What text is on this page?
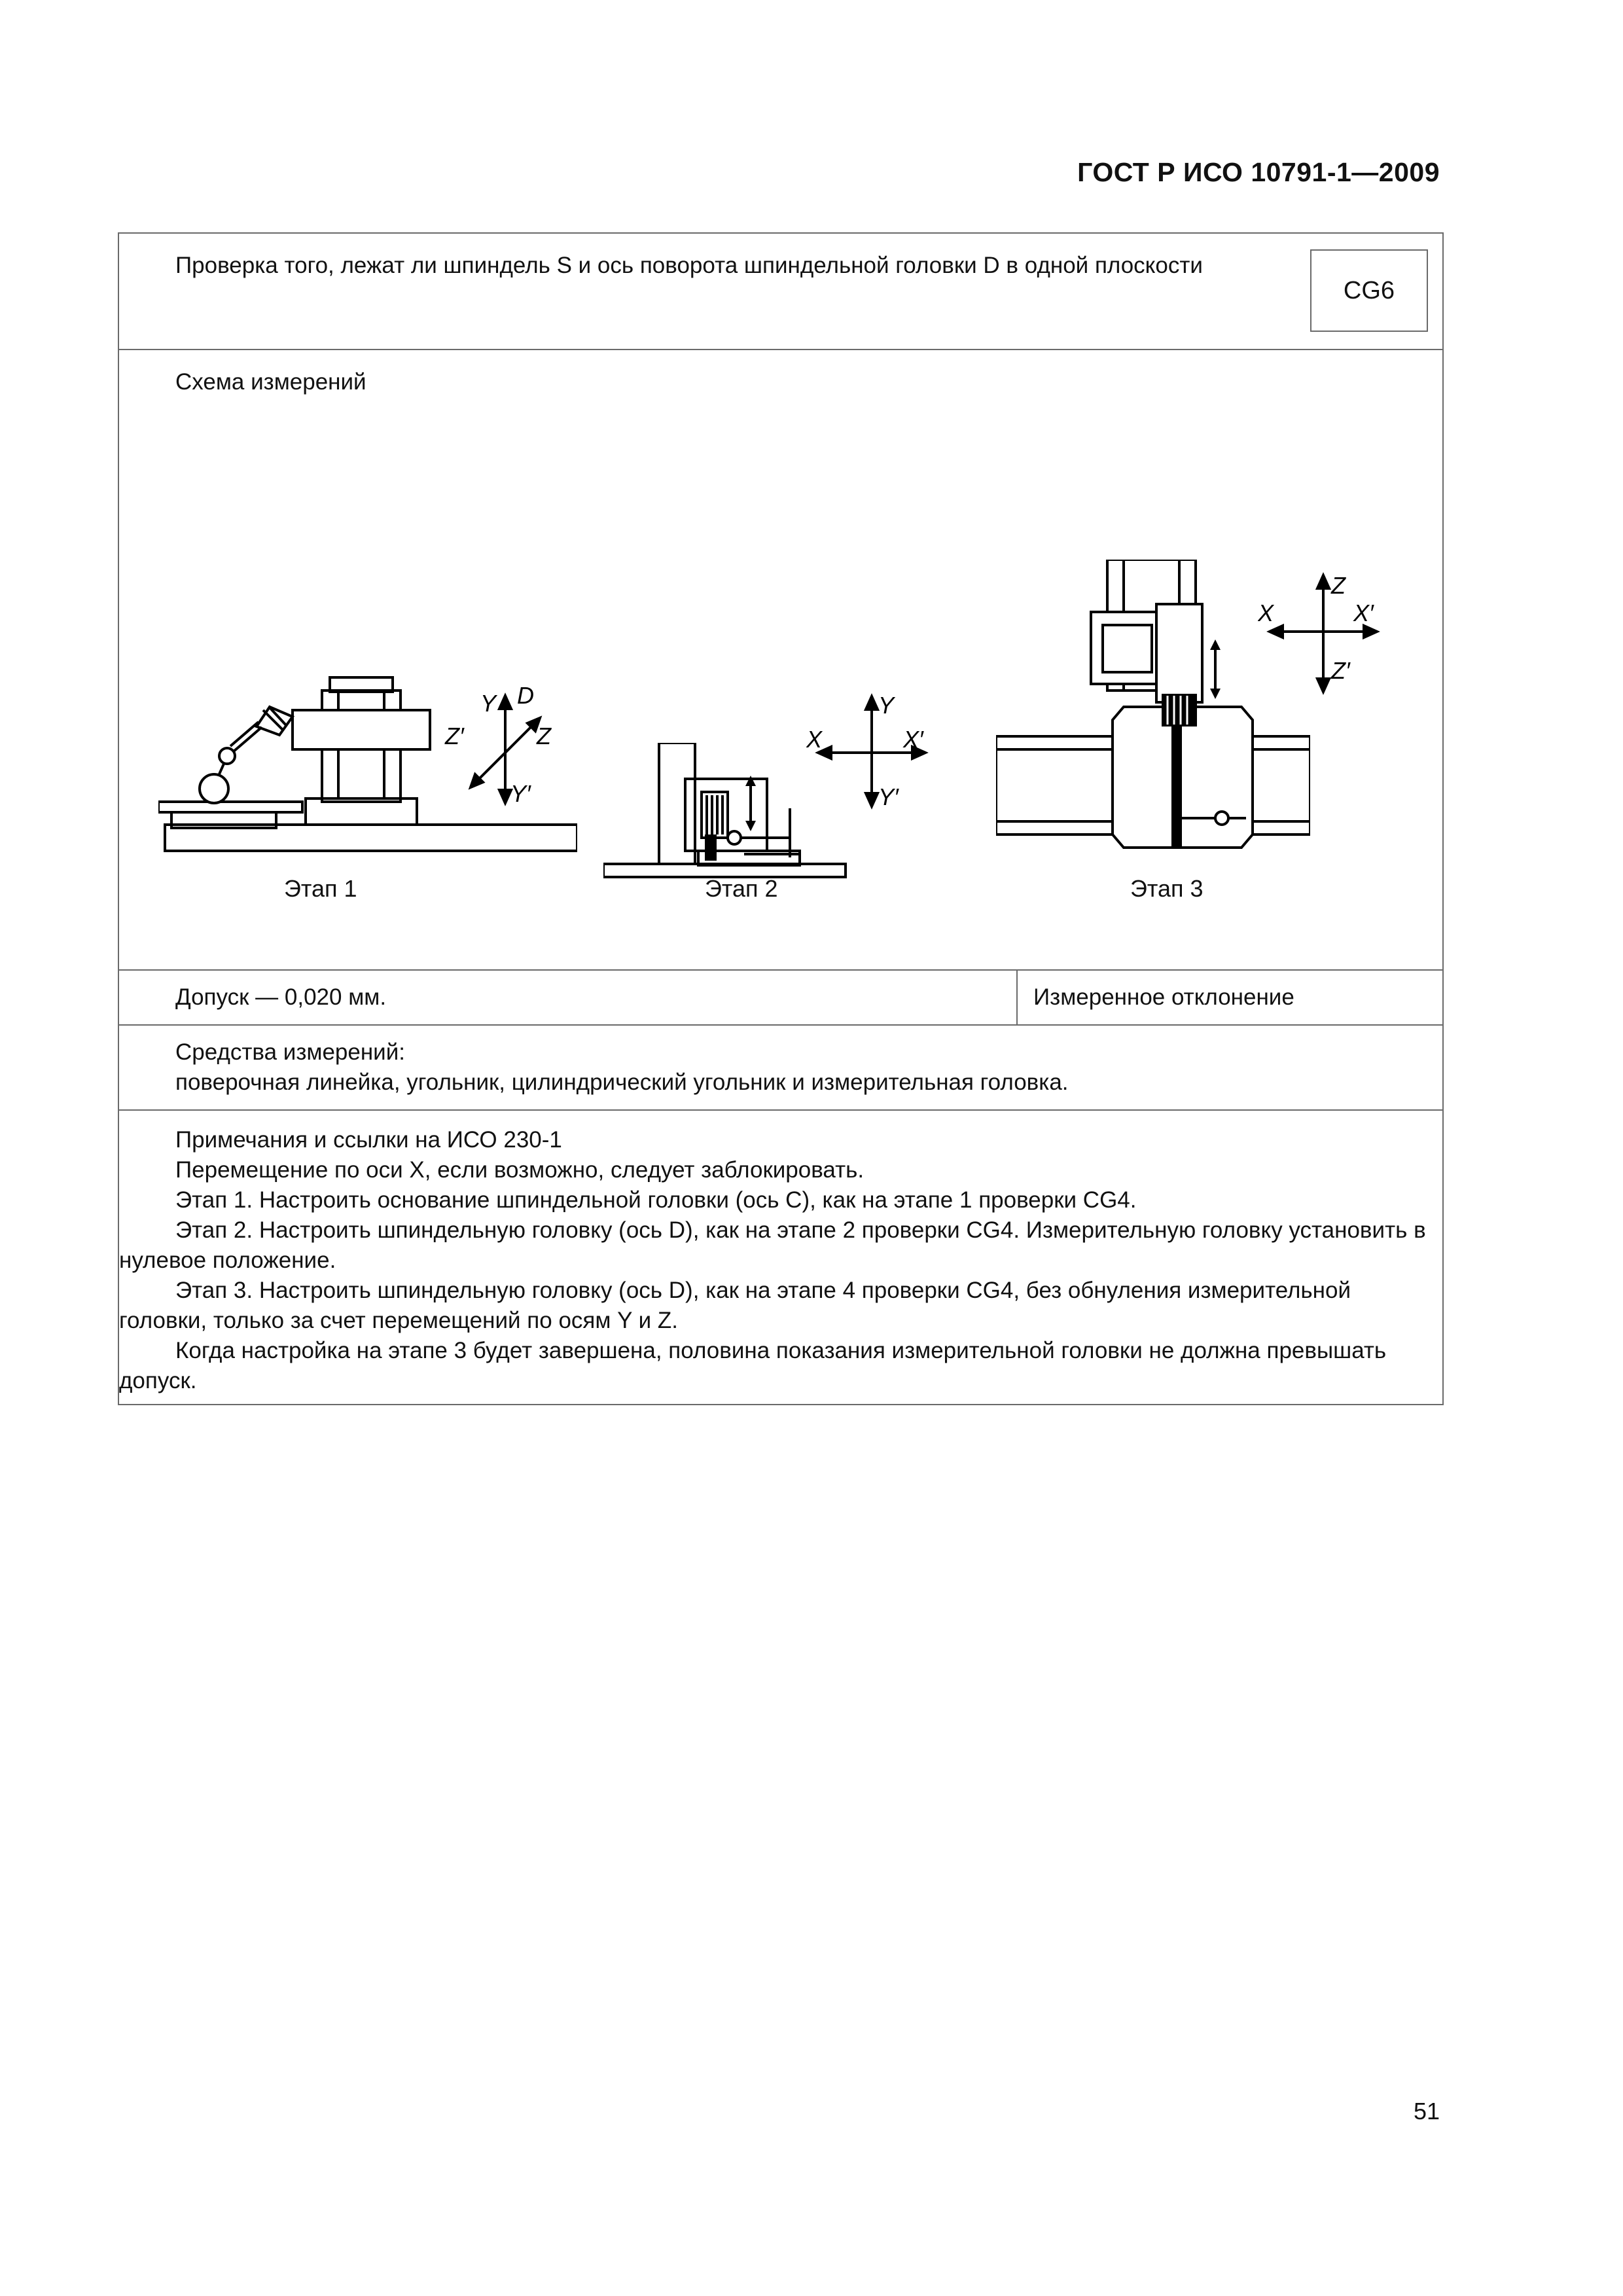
ГОСТ Р ИСО 10791-1—2009
Проверка того, лежат ли шпиндель S и ось поворота шпиндельной головки D в одной плоскости
CG6

Схема измерений
Этап 1
Y D
Z′	Z
Y′
Этап 2
Y
X	X′
Y′
Этап 3
Z
X	X′
Z′

Допуск — 0,020 мм.	Измеренное отклонение

Средства измерений:
поверочная линейка, угольник, цилиндрический угольник и измерительная головка.

Примечания и ссылки на ИСО 230-1

Перемещение по оси X, если возможно, следует заблокировать.

Этап 1. Настроить основание шпиндельной головки (ось C), как на этапе 1 проверки CG4.

Этап 2. Настроить шпиндельную головку (ось D), как на этапе 2 проверки CG4. Измерительную головку установить в нулевое положение.

Этап 3. Настроить шпиндельную головку (ось D), как на этапе 4 проверки CG4, без обнуления измерительной головки, только за счет перемещений по осям Y и Z.

Когда настройка на этапе 3 будет завершена, половина показания измерительной головки не должна превышать допуск.

51
